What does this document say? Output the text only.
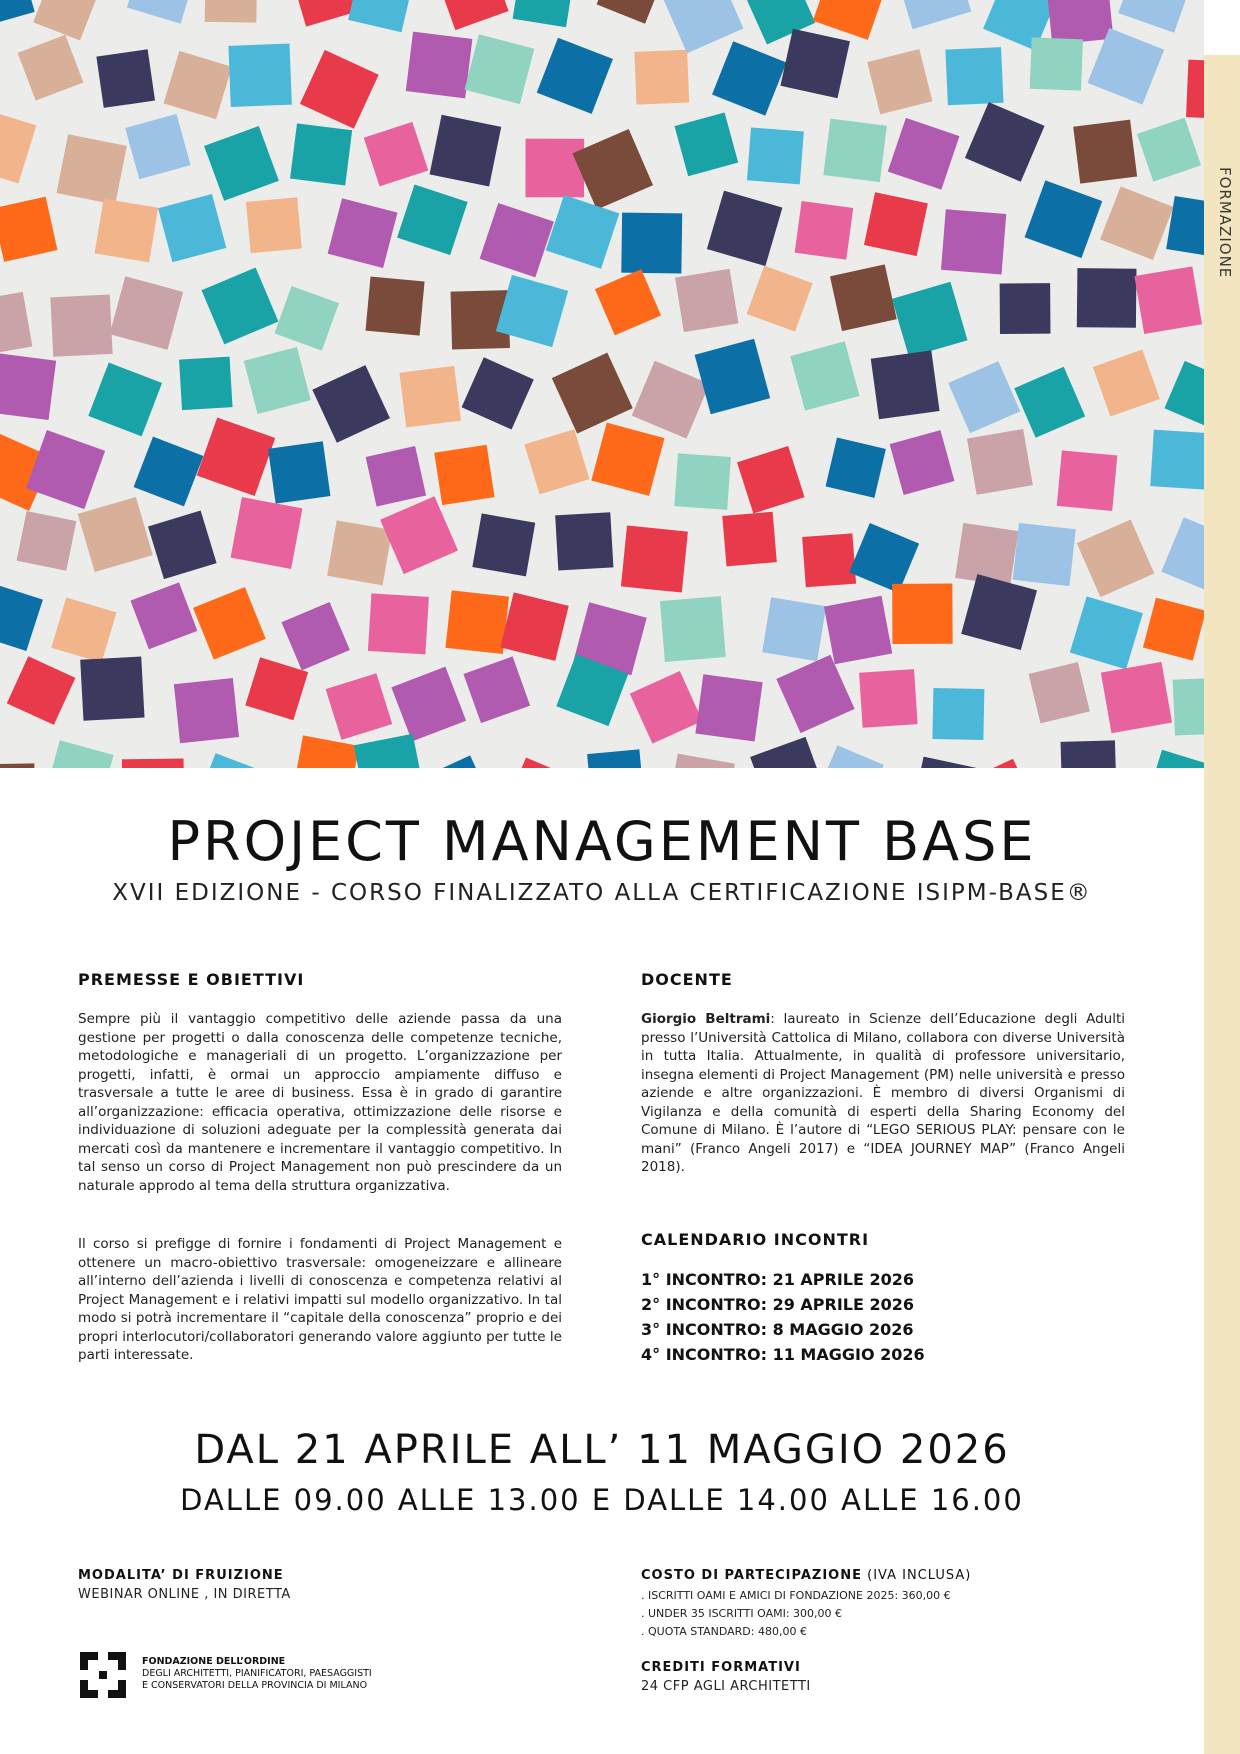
FORMAZIONE
PROJECT MANAGEMENT BASE
XVII EDIZIONE - CORSO FINALIZZATO ALLA CERTIFICAZIONE ISIPM-BASE®
PREMESSE E OBIETTIVI

Sempre più il vantaggio competitivo delle aziende passa da una gestione per progetti o dalla conoscenza delle competenze tecniche, metodologiche e manageriali di un progetto. L’organizzazione per progetti, infatti, è ormai un approccio ampiamente diffuso e trasversale a tutte le aree di business. Essa è in grado di garantire all’organizzazione: efficacia operativa, ottimizzazione delle risorse e individuazione di soluzioni adeguate per la complessità generata dai mercati così da mantenere e incrementare il vantaggio competitivo. In tal senso un corso di Project Management non può prescindere da un naturale approdo al tema della struttura organizzativa.

Il corso si prefigge di fornire i fondamenti di Project Management e ottenere un macro-obiettivo trasversale: omogeneizzare e allineare all’interno dell’azienda i livelli di conoscenza e competenza relativi al Project Management e i relativi impatti sul modello organizzativo. In tal modo si potrà incrementare il “capitale della conoscenza” proprio e dei propri interlocutori/collaboratori generando valore aggiunto per tutte le parti interessate.

DOCENTE

Giorgio Beltrami: laureato in Scienze dell’Educazione degli Adulti presso l’Università Cattolica di Milano, collabora con diverse Università in tutta Italia. Attualmente, in qualità di professore universitario, insegna elementi di Project Management (PM) nelle università e presso aziende e altre organizzazioni. È membro di diversi Organismi di Vigilanza e della comunità di esperti della Sharing Economy del Comune di Milano. È l’autore di “LEGO SERIOUS PLAY: pensare con le mani” (Franco Angeli 2017) e “IDEA JOURNEY MAP” (Franco Angeli 2018).

CALENDARIO INCONTRI
1° INCONTRO: 21 APRILE 2026
2° INCONTRO: 29 APRILE 2026
3° INCONTRO: 8 MAGGIO 2026
4° INCONTRO: 11 MAGGIO 2026
DAL 21 APRILE ALL’ 11 MAGGIO 2026
DALLE 09.00 ALLE 13.00 E DALLE 14.00 ALLE 16.00
MODALITA’ DI FRUIZIONE
WEBINAR ONLINE , IN DIRETTA
COSTO DI PARTECIPAZIONE (IVA INCLUSA)
. ISCRITTI OAMI E AMICI DI FONDAZIONE 2025: 360,00 €
. UNDER 35 ISCRITTI OAMI: 300,00 €
. QUOTA STANDARD: 480,00 €
CREDITI FORMATIVI
24 CFP AGLI ARCHITETTI
FONDAZIONE DELL’ORDINE
DEGLI ARCHITETTI, PIANIFICATORI, PAESAGGISTI
E CONSERVATORI DELLA PROVINCIA DI MILANO
